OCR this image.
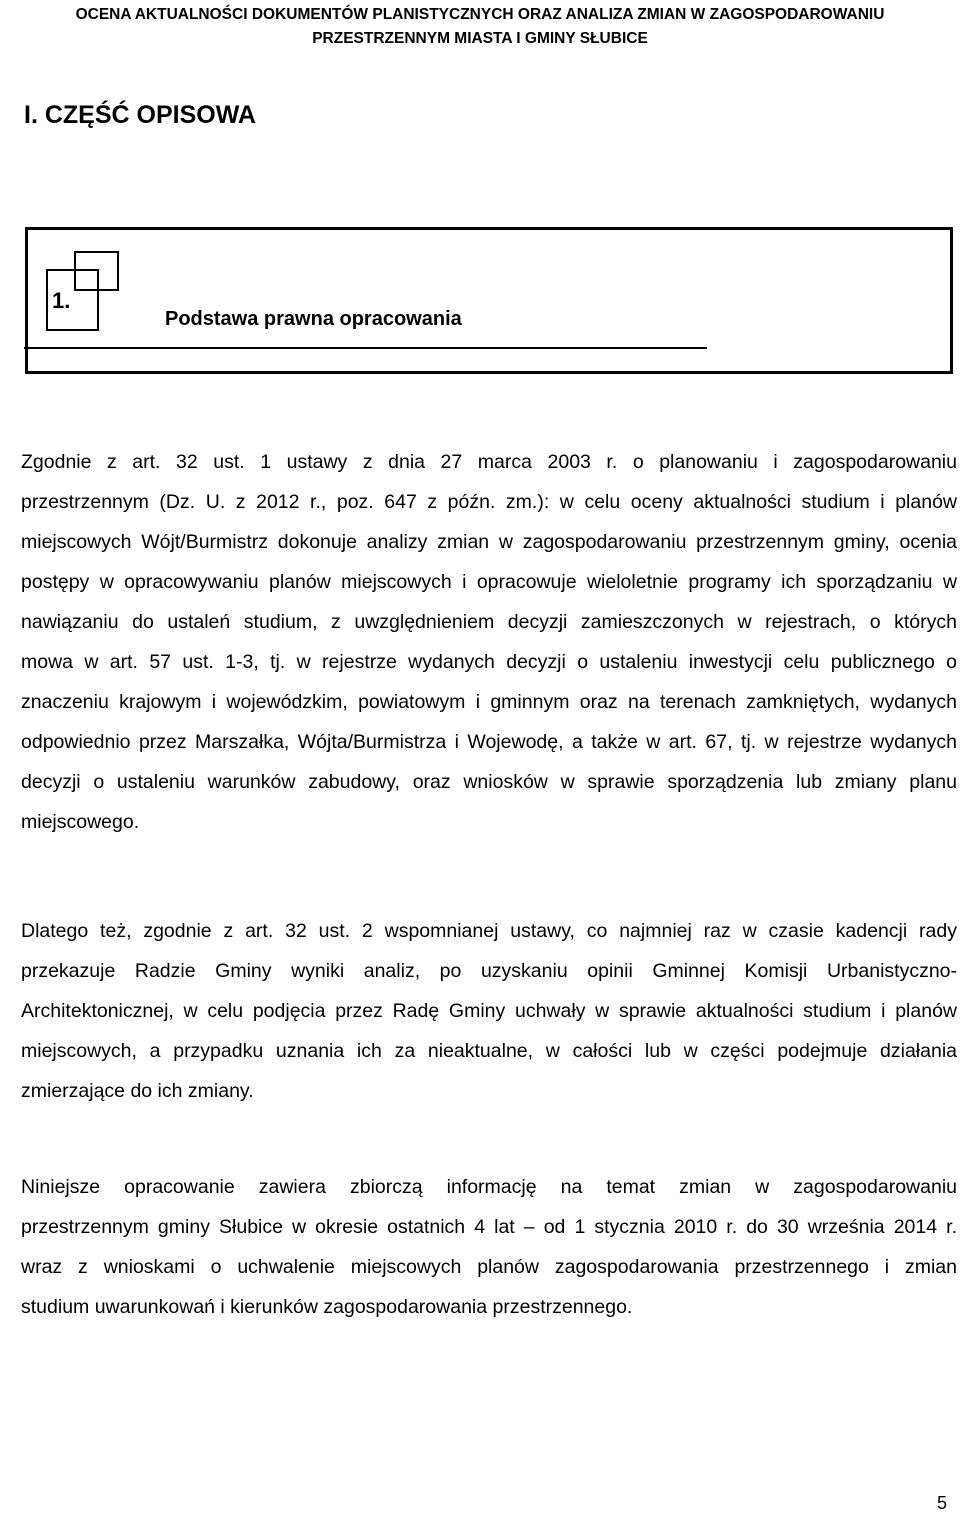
OCENA AKTUALNOŚCI DOKUMENTÓW PLANISTYCZNYCH ORAZ ANALIZA ZMIAN W ZAGOSPODAROWANIU
PRZESTRZENNYM MIASTA I GMINY SŁUBICE
I. CZĘŚĆ OPISOWA
1.
Podstawa prawna opracowania
Zgodnie z art. 32 ust. 1 ustawy z dnia 27 marca 2003 r. o planowaniu i zagospodarowaniu
przestrzennym (Dz. U. z 2012 r., poz. 647 z późn. zm.): w celu oceny aktualności studium i planów
miejscowych Wójt/Burmistrz dokonuje analizy zmian w zagospodarowaniu przestrzennym gminy, ocenia
postępy w opracowywaniu planów miejscowych i opracowuje wieloletnie programy ich sporządzaniu w
nawiązaniu do ustaleń studium, z uwzględnieniem decyzji zamieszczonych w rejestrach, o których
mowa w art. 57 ust. 1-3, tj. w rejestrze wydanych decyzji o ustaleniu inwestycji celu publicznego o
znaczeniu krajowym i wojewódzkim, powiatowym i gminnym oraz na terenach zamkniętych, wydanych
odpowiednio przez Marszałka, Wójta/Burmistrza i Wojewodę, a także w art. 67, tj. w rejestrze wydanych
decyzji o ustaleniu warunków zabudowy, oraz wniosków w sprawie sporządzenia lub zmiany planu
miejscowego.
Dlatego też, zgodnie z art. 32 ust. 2 wspomnianej ustawy, co najmniej raz w czasie kadencji rady
przekazuje Radzie Gminy wyniki analiz, po uzyskaniu opinii Gminnej Komisji Urbanistyczno-
Architektonicznej, w celu podjęcia przez Radę Gminy uchwały w sprawie aktualności studium i planów
miejscowych, a przypadku uznania ich za nieaktualne, w całości lub w części podejmuje działania
zmierzające do ich zmiany.
Niniejsze opracowanie zawiera zbiorczą informację na temat zmian w zagospodarowaniu
przestrzennym gminy Słubice w okresie ostatnich 4 lat – od 1 stycznia 2010 r. do 30 września 2014 r.
wraz z wnioskami o uchwalenie miejscowych planów zagospodarowania przestrzennego i zmian
studium uwarunkowań i kierunków zagospodarowania przestrzennego.
5
